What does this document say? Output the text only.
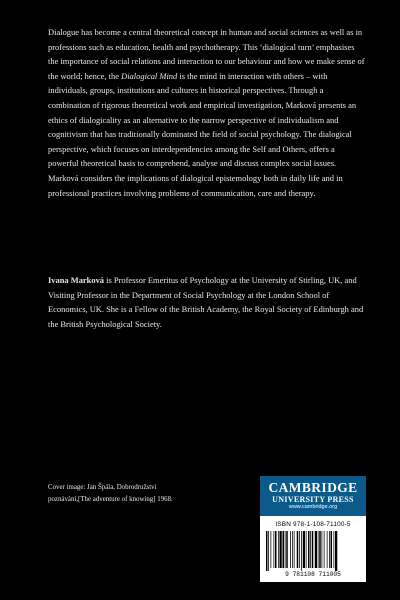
Dialogue has become a central theoretical concept in human and social sciences as well as in professions such as education, health and psychotherapy. This ‘dialogical turn’ emphasises the importance of social relations and interaction to our behaviour and how we make sense of the world; hence, the Dialogical Mind is the mind in interaction with others – with individuals, groups, institutions and cultures in historical perspectives. Through a combination of rigorous theoretical work and empirical investigation, Marková presents an ethics of dialogicality as an alternative to the narrow perspective of individualism and cognitivism that has traditionally dominated the field of social psychology. The dialogical perspective, which focuses on interdependencies among the Self and Others, offers a powerful theoretical basis to comprehend, analyse and discuss complex social issues. Marková considers the implications of dialogical epistemology both in daily life and in professional practices involving problems of communication, care and therapy.

Ivana Marková is Professor Emeritus of Psychology at the University of Stirling, UK, and Visiting Professor in the Department of Social Psychology at the London School of Economics, UK. She is a Fellow of the British Academy, the Royal Society of Edinburgh and the British Psychological Society.

Cover image: Jan Špála, Dobrodružství
poznávání,[The adventure of knowing] 1968.

CAMBRIDGE
UNIVERSITY PRESS
www.cambridge.org
ISBN 978-1-108-71100-5
9 781108 711005
